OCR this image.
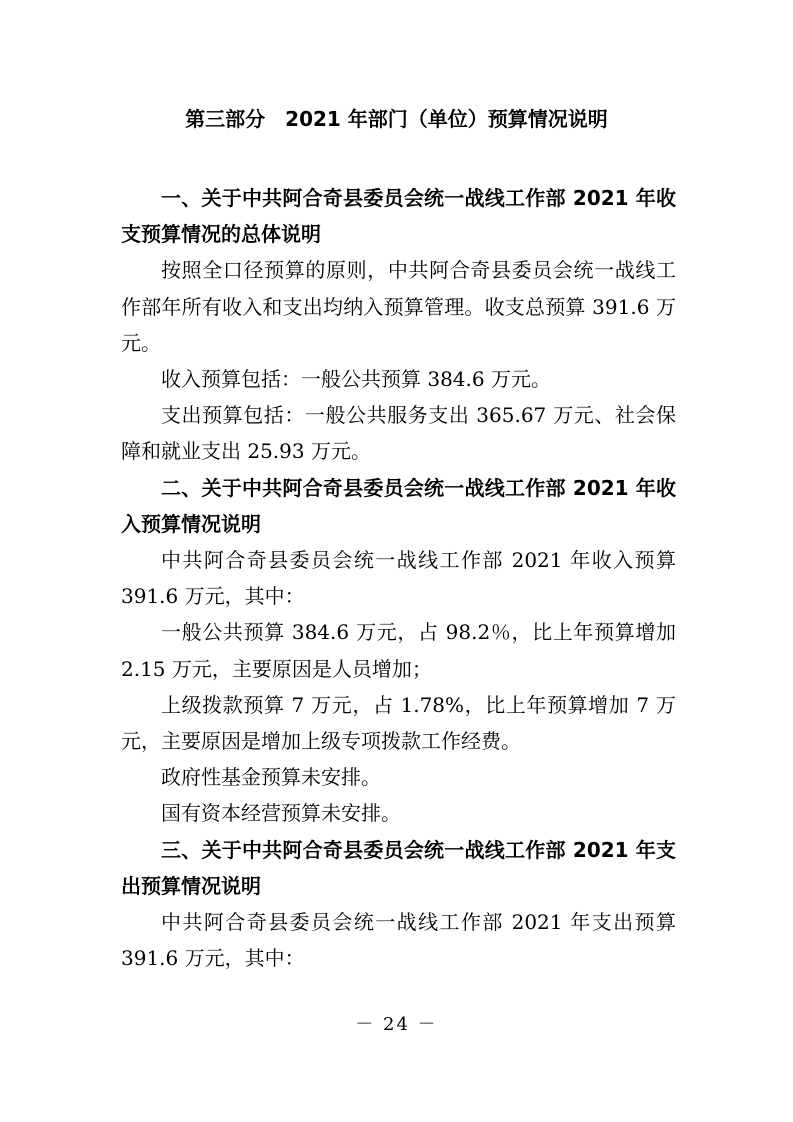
第三部分　2021 年部门（单位）预算情况说明

一、关于中共阿合奇县委员会统一战线工作部 2021 年收支预算情况的总体说明

按照全口径预算的原则，中共阿合奇县委员会统一战线工作部年所有收入和支出均纳入预算管理。收支总预算 391.6 万元。

收入预算包括：一般公共预算 384.6 万元。

支出预算包括：一般公共服务支出 365.67 万元、社会保障和就业支出 25.93 万元。

二、关于中共阿合奇县委员会统一战线工作部 2021 年收入预算情况说明

中共阿合奇县委员会统一战线工作部 2021 年收入预算 391.6 万元，其中：

一般公共预算 384.6 万元，占 98.2％，比上年预算增加 2.15 万元，主要原因是人员增加；

上级拨款预算 7 万元，占 1.78%，比上年预算增加 7 万元，主要原因是增加上级专项拨款工作经费。

政府性基金预算未安排。

国有资本经营预算未安排。

三、关于中共阿合奇县委员会统一战线工作部 2021 年支出预算情况说明

中共阿合奇县委员会统一战线工作部 2021 年支出预算 391.6 万元，其中：

－ 24 －
